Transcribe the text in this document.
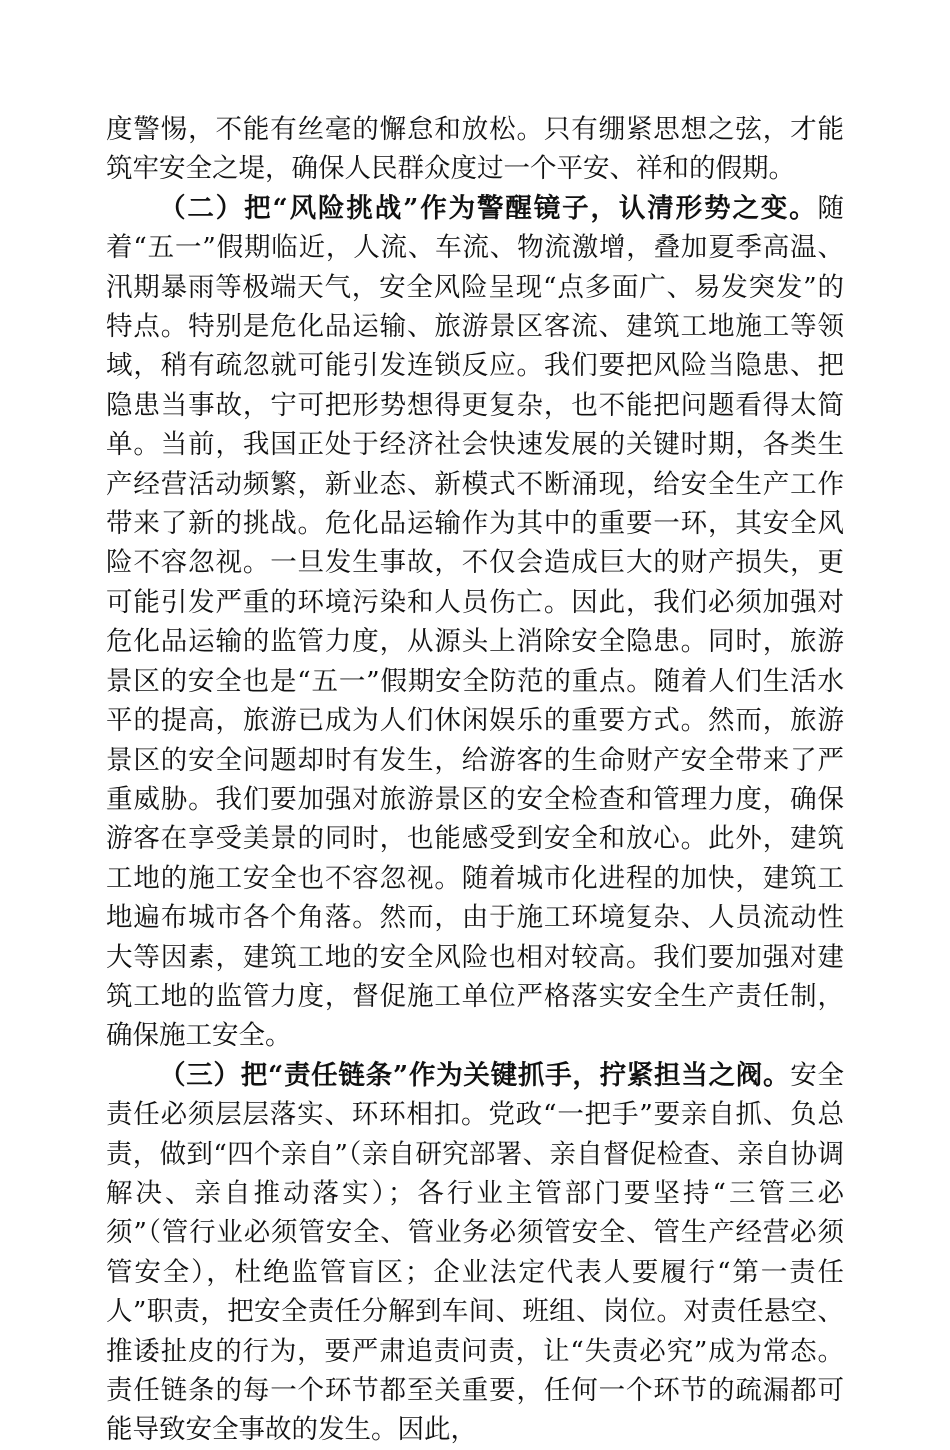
度警惕，不能有丝毫的懈怠和放松。只有绷紧思想之弦，才能筑牢安全之堤，确保人民群众度过一个平安、祥和的假期。

（二）把“风险挑战”作为警醒镜子，认清形势之变。随着“五一”假期临近，人流、车流、物流激增，叠加夏季高温、汛期暴雨等极端天气，安全风险呈现“点多面广、易发突发”的特点。特别是危化品运输、旅游景区客流、建筑工地施工等领域，稍有疏忽就可能引发连锁反应。我们要把风险当隐患、把隐患当事故，宁可把形势想得更复杂，也不能把问题看得太简单。当前，我国正处于经济社会快速发展的关键时期，各类生产经营活动频繁，新业态、新模式不断涌现，给安全生产工作带来了新的挑战。危化品运输作为其中的重要一环，其安全风险不容忽视。一旦发生事故，不仅会造成巨大的财产损失，更可能引发严重的环境污染和人员伤亡。因此，我们必须加强对危化品运输的监管力度，从源头上消除安全隐患。同时，旅游景区的安全也是“五一”假期安全防范的重点。随着人们生活水平的提高，旅游已成为人们休闲娱乐的重要方式。然而，旅游景区的安全问题却时有发生，给游客的生命财产安全带来了严重威胁。我们要加强对旅游景区的安全检查和管理力度，确保游客在享受美景的同时，也能感受到安全和放心。此外，建筑工地的施工安全也不容忽视。随着城市化进程的加快，建筑工地遍布城市各个角落。然而，由于施工环境复杂、人员流动性大等因素，建筑工地的安全风险也相对较高。我们要加强对建筑工地的监管力度，督促施工单位严格落实安全生产责任制，确保施工安全。

（三）把“责任链条”作为关键抓手，拧紧担当之阀。安全责任必须层层落实、环环相扣。党政“一把手”要亲自抓、负总责，做到“四个亲自”（亲自研究部署、亲自督促检查、亲自协调解决、亲自推动落实）；各行业主管部门要坚持“三管三必须”（管行业必须管安全、管业务必须管安全、管生产经营必须管安全），杜绝监管盲区；企业法定代表人要履行“第一责任人”职责，把安全责任分解到车间、班组、岗位。对责任悬空、推诿扯皮的行为，要严肃追责问责，让“失责必究”成为常态。责任链条的每一个环节都至关重要，任何一个环节的疏漏都可能导致安全事故的发生。因此，
